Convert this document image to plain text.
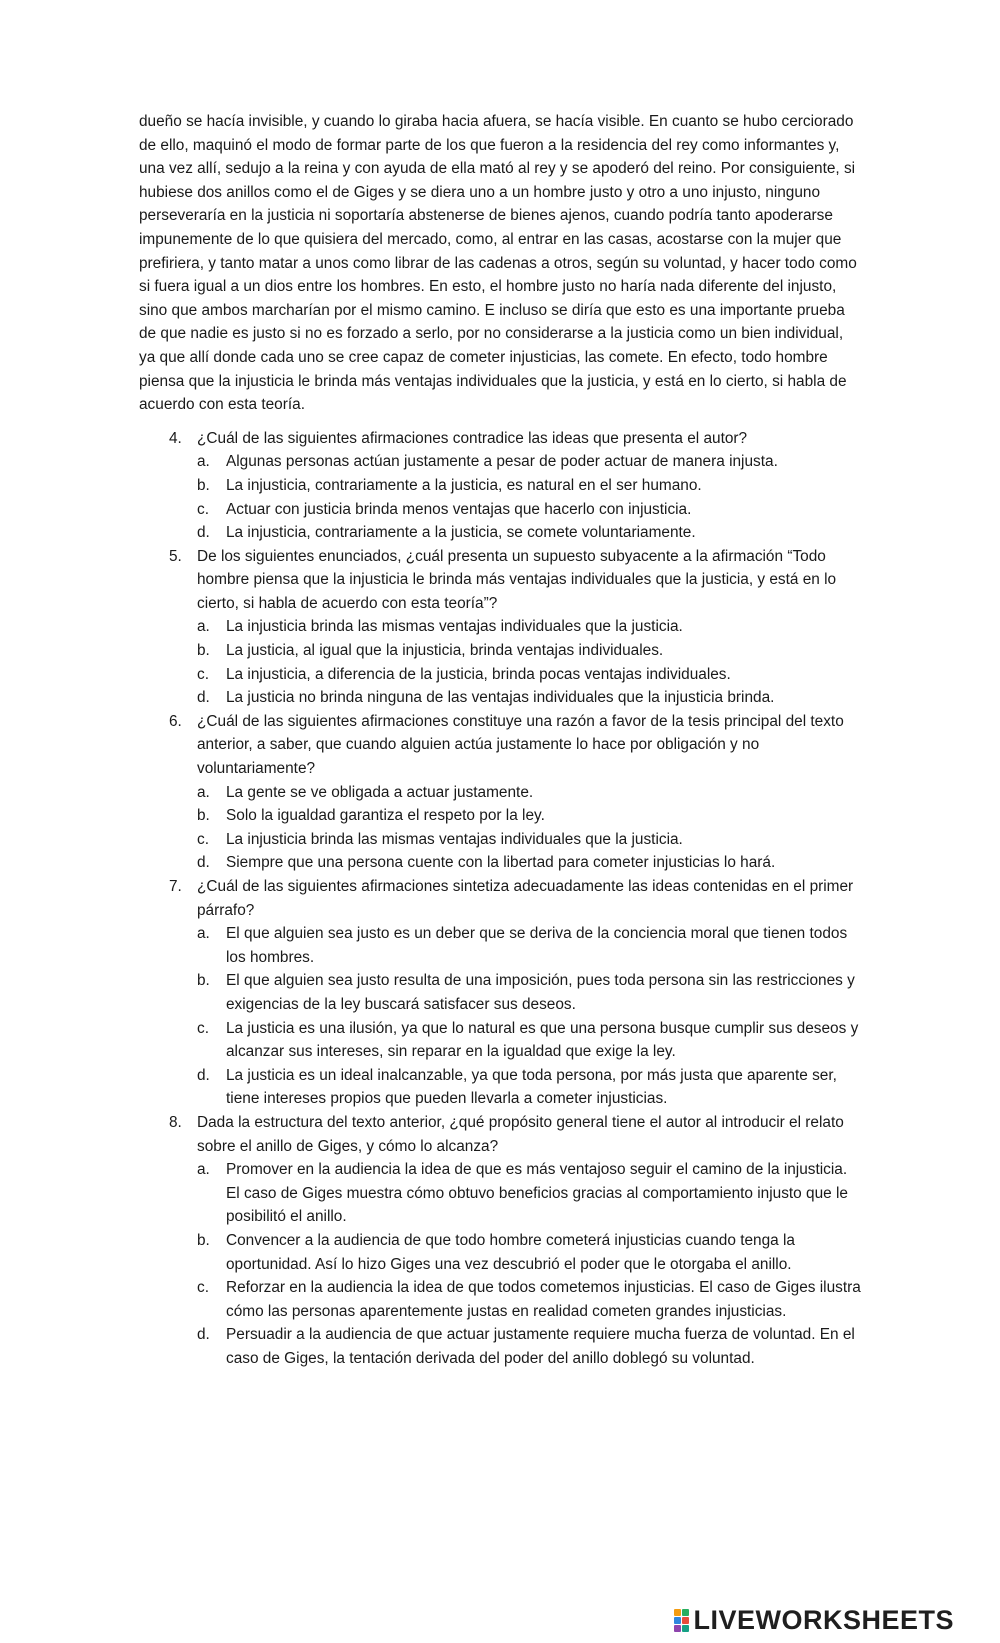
dueño se hacía invisible, y cuando lo giraba hacia afuera, se hacía visible. En cuanto se hubo cerciorado de ello, maquinó el modo de formar parte de los que fueron a la residencia del rey como informantes y, una vez allí, sedujo a la reina y con ayuda de ella mató al rey y se apoderó del reino. Por consiguiente, si hubiese dos anillos como el de Giges y se diera uno a un hombre justo y otro a uno injusto, ninguno perseveraría en la justicia ni soportaría abstenerse de bienes ajenos, cuando podría tanto apoderarse impunemente de lo que quisiera del mercado, como, al entrar en las casas, acostarse con la mujer que prefiriera, y tanto matar a unos como librar de las cadenas a otros, según su voluntad, y hacer todo como si fuera igual a un dios entre los hombres. En esto, el hombre justo no haría nada diferente del injusto, sino que ambos marcharían por el mismo camino. E incluso se diría que esto es una importante prueba de que nadie es justo si no es forzado a serlo, por no considerarse a la justicia como un bien individual, ya que allí donde cada uno se cree capaz de cometer injusticias, las comete. En efecto, todo hombre piensa que la injusticia le brinda más ventajas individuales que la justicia, y está en lo cierto, si habla de acuerdo con esta teoría.

4. ¿Cuál de las siguientes afirmaciones contradice las ideas que presenta el autor?
a. Algunas personas actúan justamente a pesar de poder actuar de manera injusta.
b. La injusticia, contrariamente a la justicia, es natural en el ser humano.
c. Actuar con justicia brinda menos ventajas que hacerlo con injusticia.
d. La injusticia, contrariamente a la justicia, se comete voluntariamente.
5. De los siguientes enunciados, ¿cuál presenta un supuesto subyacente a la afirmación “Todo hombre piensa que la injusticia le brinda más ventajas individuales que la justicia, y está en lo cierto, si habla de acuerdo con esta teoría”?
a. La injusticia brinda las mismas ventajas individuales que la justicia.
b. La justicia, al igual que la injusticia, brinda ventajas individuales.
c. La injusticia, a diferencia de la justicia, brinda pocas ventajas individuales.
d. La justicia no brinda ninguna de las ventajas individuales que la injusticia brinda.
6. ¿Cuál de las siguientes afirmaciones constituye una razón a favor de la tesis principal del texto anterior, a saber, que cuando alguien actúa justamente lo hace por obligación y no voluntariamente?
a. La gente se ve obligada a actuar justamente.
b. Solo la igualdad garantiza el respeto por la ley.
c. La injusticia brinda las mismas ventajas individuales que la justicia.
d. Siempre que una persona cuente con la libertad para cometer injusticias lo hará.
7. ¿Cuál de las siguientes afirmaciones sintetiza adecuadamente las ideas contenidas en el primer párrafo?
a. El que alguien sea justo es un deber que se deriva de la conciencia moral que tienen todos los hombres.
b. El que alguien sea justo resulta de una imposición, pues toda persona sin las restricciones y exigencias de la ley buscará satisfacer sus deseos.
c. La justicia es una ilusión, ya que lo natural es que una persona busque cumplir sus deseos y alcanzar sus intereses, sin reparar en la igualdad que exige la ley.
d. La justicia es un ideal inalcanzable, ya que toda persona, por más justa que aparente ser, tiene intereses propios que pueden llevarla a cometer injusticias.
8. Dada la estructura del texto anterior, ¿qué propósito general tiene el autor al introducir el relato sobre el anillo de Giges, y cómo lo alcanza?
a. Promover en la audiencia la idea de que es más ventajoso seguir el camino de la injusticia. El caso de Giges muestra cómo obtuvo beneficios gracias al comportamiento injusto que le posibilitó el anillo.
b. Convencer a la audiencia de que todo hombre cometerá injusticias cuando tenga la oportunidad. Así lo hizo Giges una vez descubrió el poder que le otorgaba el anillo.
c. Reforzar en la audiencia la idea de que todos cometemos injusticias. El caso de Giges ilustra cómo las personas aparentemente justas en realidad cometen grandes injusticias.
d. Persuadir a la audiencia de que actuar justamente requiere mucha fuerza de voluntad. En el caso de Giges, la tentación derivada del poder del anillo doblegó su voluntad.
LIVEWORKSHEETS
